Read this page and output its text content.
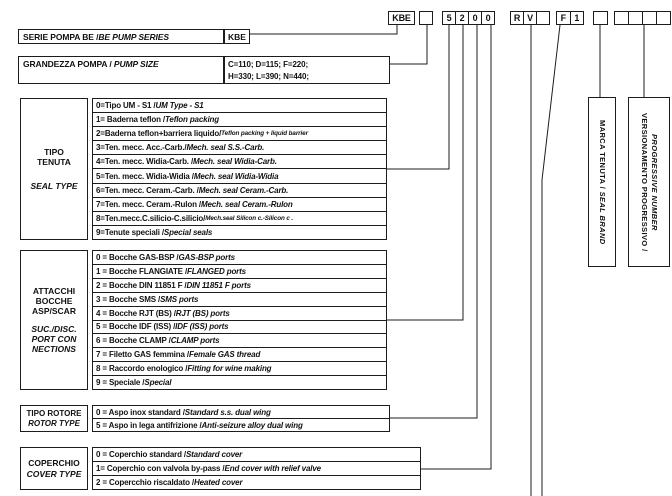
SERIE POMPA BE / BE PUMP SERIES	KBE
GRANDEZZA POMPA / PUMP SIZE	C=110; D=115; F=220;
H=330; L=390; N=440;
TIPO TENUTA
SEAL TYPE
0=Tipo UM - S1 / UM Type - S1
1= Baderna teflon / Teflon packing
2=Baderna teflon+barriera liquido/ Teflon packing + liquid barrier
3=Ten. mecc. Acc.-Carb./ Mech. seal S.S.-Carb.
4=Ten. mecc. Widia-Carb. / Mech. seal Widia-Carb.
5=Ten. mecc. Widia-Widia / Mech. seal Widia-Widia
6=Ten. mecc. Ceram.-Carb. / Mech. seal Ceram.-Carb.
7=Ten. mecc. Ceram.-Rulon / Mech. seal Ceram.-Rulon
8=Ten.mecc.C.silicio-C.silicio/ Mech.seal Silicon c.-Silicon c .
9=Tenute speciali / Special seals
ATTACCHI BOCCHE ASP/SCAR
SUC./DISC. PORT CONNECTIONS
0 = Bocche GAS-BSP / GAS-BSP ports
1 = Bocche FLANGIATE / FLANGED ports
2 = Bocche DIN 11851 F / DIN 11851 F ports
3 = Bocche SMS / SMS ports
4 = Bocche RJT (BS) / RJT (BS) ports
5 = Bocche IDF (ISS) / IDF (ISS) ports
6 = Bocche CLAMP / CLAMP ports
7 = Filetto GAS femmina / Female GAS thread
8 = Raccordo enologico / Fitting for wine making
9 = Speciale / Special
TIPO ROTORE
ROTOR TYPE
0 = Aspo inox standard / Standard s.s. dual wing
5 = Aspo in lega antifrizione / Anti-seizure alloy dual wing
COPERCHIO
COVER TYPE
0 = Coperchio standard / Standard cover
1= Coperchio con valvola by-pass / End cover with relief valve
2 = Copercchio riscaldato / Heated cover
MARCA TENUTA / SEAL BRAND	VERSIONAMENTO PROGRESSIVO / PROGRESSIVE NUMBER
KBE	5 2 0 0	R V	F 1
